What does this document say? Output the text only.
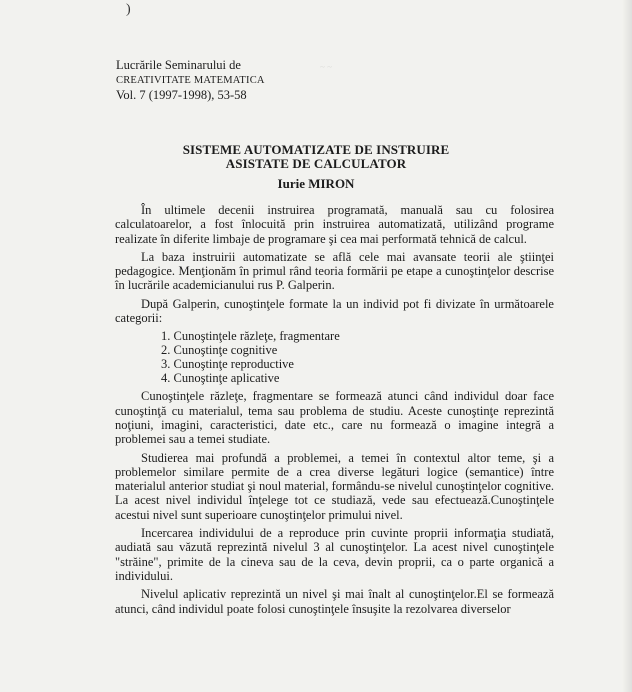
)
~ ~
Lucrările Seminarului de
CREATIVITATE MATEMATICA
Vol. 7 (1997-1998), 53-58
SISTEME AUTOMATIZATE DE INSTRUIRE
ASISTATE DE CALCULATOR
Iurie MIRON

În ultimele decenii instruirea programată, manuală sau cu folosirea calculatoarelor, a fost înlocuită prin instruirea automatizată, utilizând programe realizate în diferite limbaje de programare şi cea mai performată tehnică de calcul.

La baza instruirii automatizate se află cele mai avansate teorii ale ştiinţei pedagogice. Menţionăm în primul rând teoria formării pe etape a cunoştinţelor descrise în lucrările academicianului rus P. Galperin.

După Galperin, cunoştinţele formate la un individ pot fi divizate în următoarele categorii:

1. Cunoştinţele răzleţe, fragmentare
2. Cunoştinţe cognitive
3. Cunoştinţe reproductive
4. Cunoştinţe aplicative

Cunoştinţele răzleţe, fragmentare se formează atunci când individul doar face cunoştinţă cu materialul, tema sau problema de studiu. Aceste cunoştinţe reprezintă noţiuni, imagini, caracteristici, date etc., care nu formează o imagine integră a problemei sau a temei studiate.

Studierea mai profundă a problemei, a temei în contextul altor teme, şi a problemelor similare permite de a crea diverse legături logice (semantice) între materialul anterior studiat şi noul material, formându-se nivelul cunoştinţelor cognitive. La acest nivel individul înţelege tot ce studiază, vede sau efectuează.Cunoştinţele acestui nivel sunt superioare cunoştinţelor primului nivel.

Incercarea individului de a reproduce prin cuvinte proprii informaţia studiată, audiată sau văzută reprezintă nivelul 3 al cunoştinţelor. La acest nivel cunoştinţele "străine", primite de la cineva sau de la ceva, devin proprii, ca o parte organică a individului.

Nivelul aplicativ reprezintă un nivel şi mai înalt al cunoştinţelor.El se formează atunci, când individul poate folosi cunoştinţele însuşite la rezolvarea diverselor
